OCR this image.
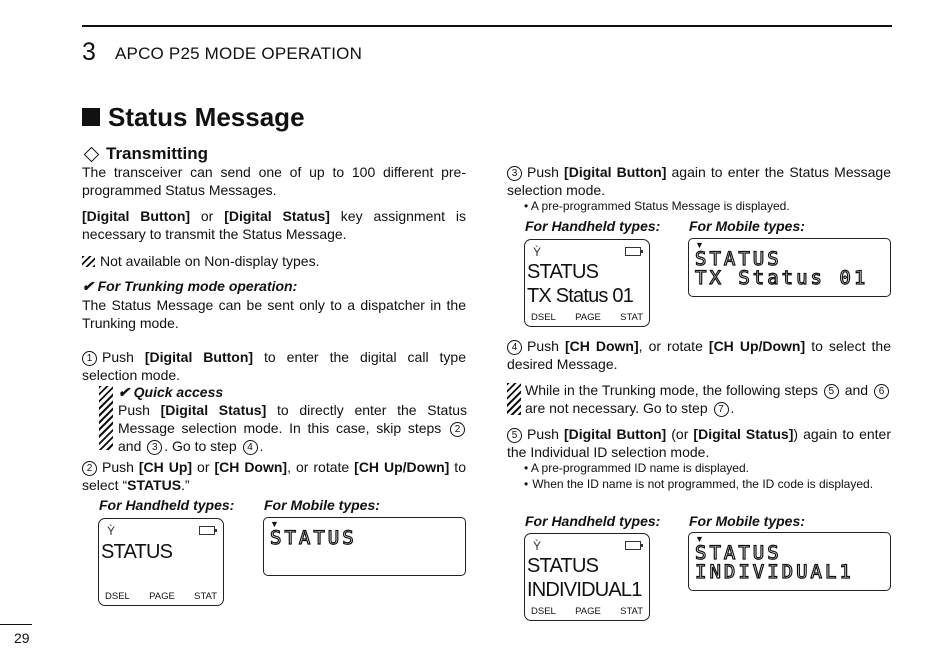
3 APCO P25 MODE OPERATION
Status Message
Transmitting
The transceiver can send one of up to 100 different pre-programmed Status Messages.
[Digital Button] or [Digital Status] key assignment is necessary to transmit the Status Message.
Not available on Non-display types.
✔ For Trunking mode operation:
The Status Message can be sent only to a dispatcher in the Trunking mode.
1 Push [Digital Button] to enter the digital call type selection mode.
✔ Quick access
Push [Digital Status] to directly enter the Status Message selection mode. In this case, skip steps 2 and 3 . Go to step 4 .
2 Push [CH Up] or [CH Down], or rotate [CH Up/Down] to select “STATUS.”
For Handheld types: For Mobile types:
Ỳ
STATUS
DSEL PAGE STAT
▼
STATUS
3 Push [Digital Button] again to enter the Status Message selection mode.
• A pre-programmed Status Message is displayed.
For Handheld types: For Mobile types:
Ỳ
STATUS
TX Status 01
DSEL PAGE STAT
▼
STATUS
TX Status 01
4 Push [CH Down], or rotate [CH Up/Down] to select the desired Message.
While in the Trunking mode, the following steps 5 and 6 are not necessary. Go to step 7 .
5 Push [Digital Button] (or [Digital Status]) again to enter the Individual ID selection mode.
• A pre-programmed ID name is displayed.
• When the ID name is not programmed, the ID code is displayed.
For Handheld types: For Mobile types:
Ỳ
STATUS
INDIVIDUAL1
DSEL PAGE STAT
▼
STATUS
INDIVIDUAL1
29
